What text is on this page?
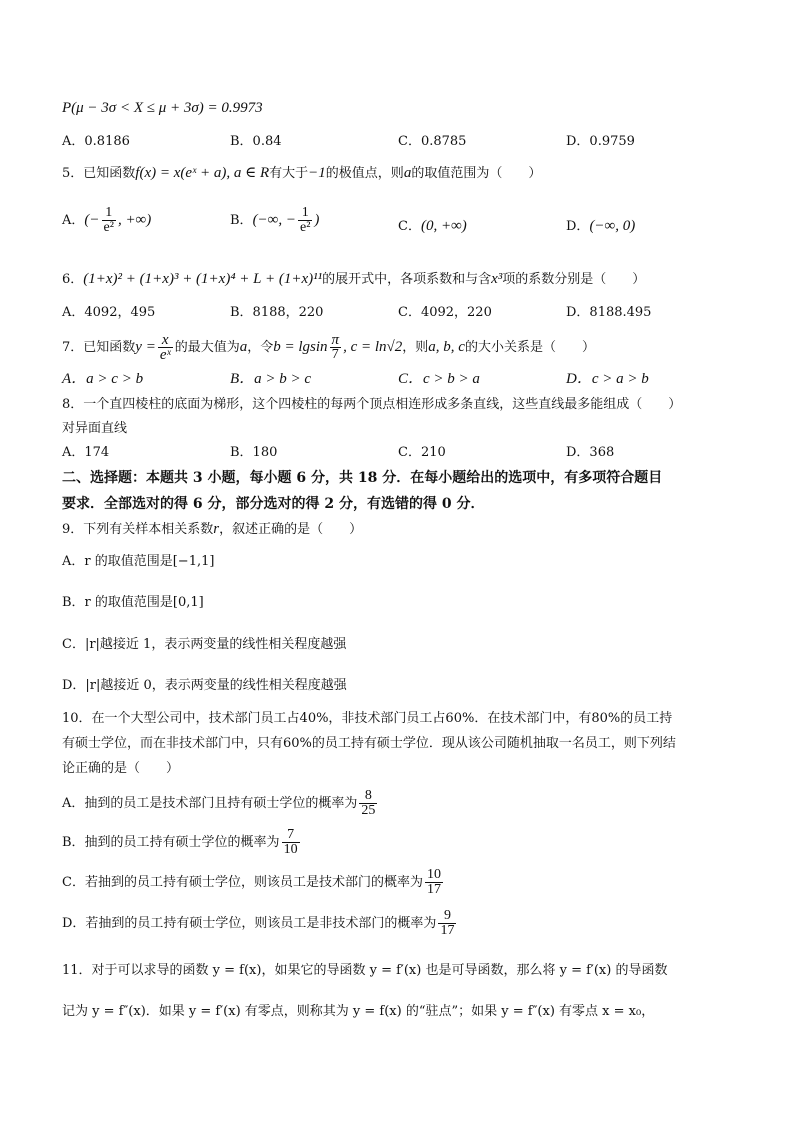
P(μ − 3σ < X ≤ μ + 3σ) = 0.9973
A．0.8186	B．0.84	C．0.8785	D．0.9759
5．已知函数f(x) = x(eˣ + a), a ∈ R有大于−1的极值点，则a的取值范围为（　　）
A．(− $\frac{1}{\text{e²}}$ , +∞)	B．(−∞, − $\frac{1}{\text{e²}}$ )	C．(0, +∞)	D．(−∞, 0)
6．(1+x)² + (1+x)³ + (1+x)⁴ + L + (1+x)¹¹的展开式中，各项系数和与含x³项的系数分别是（　　）
A．4092，495	B．8188，220	C．4092，220	D．8188.495
7．已知函数$y = \frac{x}{\text{eˣ}}$ 的最大值为a，令b = lgsin $\frac{\pi}{7}$ , c = ln√2，则a, b, c的大小关系是（　　）
A．a > c > b	B．a > b > c	C．c > b > a	D．c > a > b
8．一个直四棱柱的底面为梯形，这个四棱柱的每两个顶点相连形成多条直线，这些直线最多能组成（　　）
对异面直线
A．174	B．180	C．210	D．368
二、选择题：本题共 3 小题，每小题 6 分，共 18 分．在每小题给出的选项中，有多项符合题目
要求．全部选对的得 6 分，部分选对的得 2 分，有选错的得 0 分．
9．下列有关样本相关系数r，叙述正确的是（　　）
A．r 的取值范围是[−1,1]
B．r 的取值范围是[0,1]
C．|r|越接近 1，表示两变量的线性相关程度越强
D．|r|越接近 0，表示两变量的线性相关程度越强
10．在一个大型公司中，技术部门员工占40%，非技术部门员工占60%．在技术部门中，有80%的员工持
有硕士学位，而在非技术部门中，只有60%的员工持有硕士学位．现从该公司随机抽取一名员工，则下列结
论正确的是（　　）
A．抽到的员工是技术部门且持有硕士学位的概率为 $\frac{8}{25}$
B．抽到的员工持有硕士学位的概率为 $\frac{7}{10}$
C．若抽到的员工持有硕士学位，则该员工是技术部门的概率为 $\frac{10}{17}$
D．若抽到的员工持有硕士学位，则该员工是非技术部门的概率为 $\frac{9}{17}$
11．对于可以求导的函数 y = f(x)，如果它的导函数 y = f′(x) 也是可导函数，那么将 y = f′(x) 的导函数
记为 y = f″(x)．如果 y = f′(x) 有零点，则称其为 y = f(x) 的“驻点”；如果 y = f″(x) 有零点 x = x₀，
